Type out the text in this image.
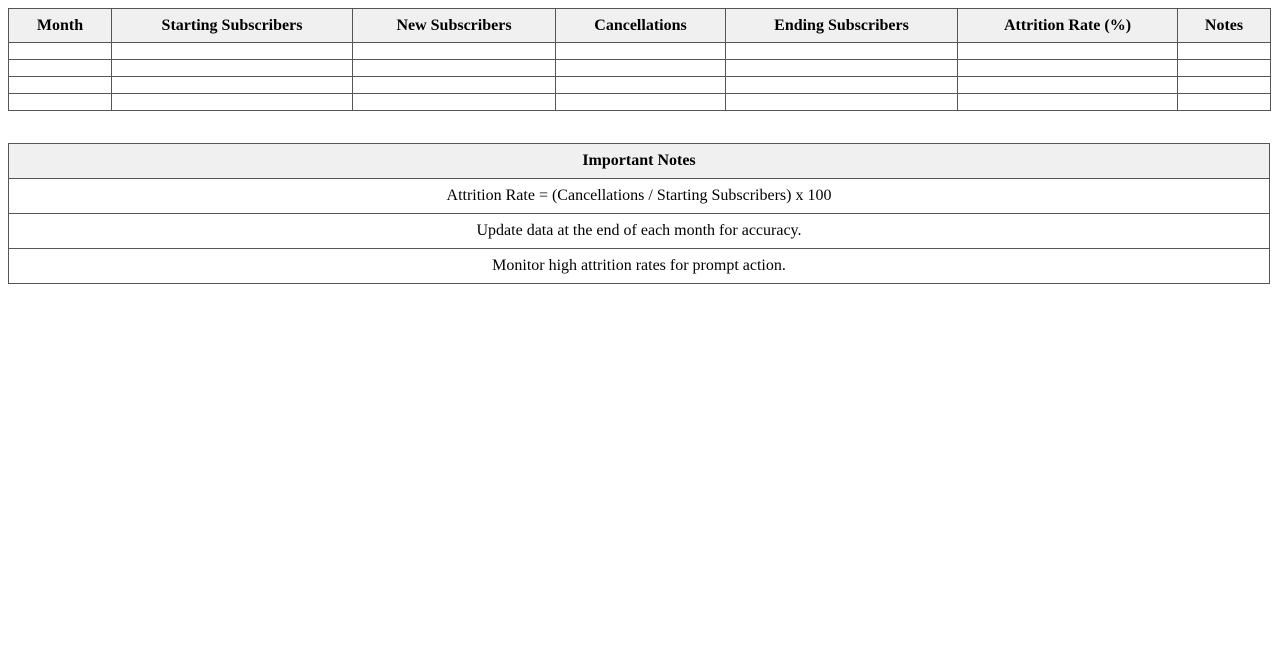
Month	Starting Subscribers	New Subscribers	Cancellations	Ending Subscribers	Attrition Rate (%)	Notes

Important Notes
Attrition Rate = (Cancellations / Starting Subscribers) x 100
Update data at the end of each month for accuracy.
Monitor high attrition rates for prompt action.
